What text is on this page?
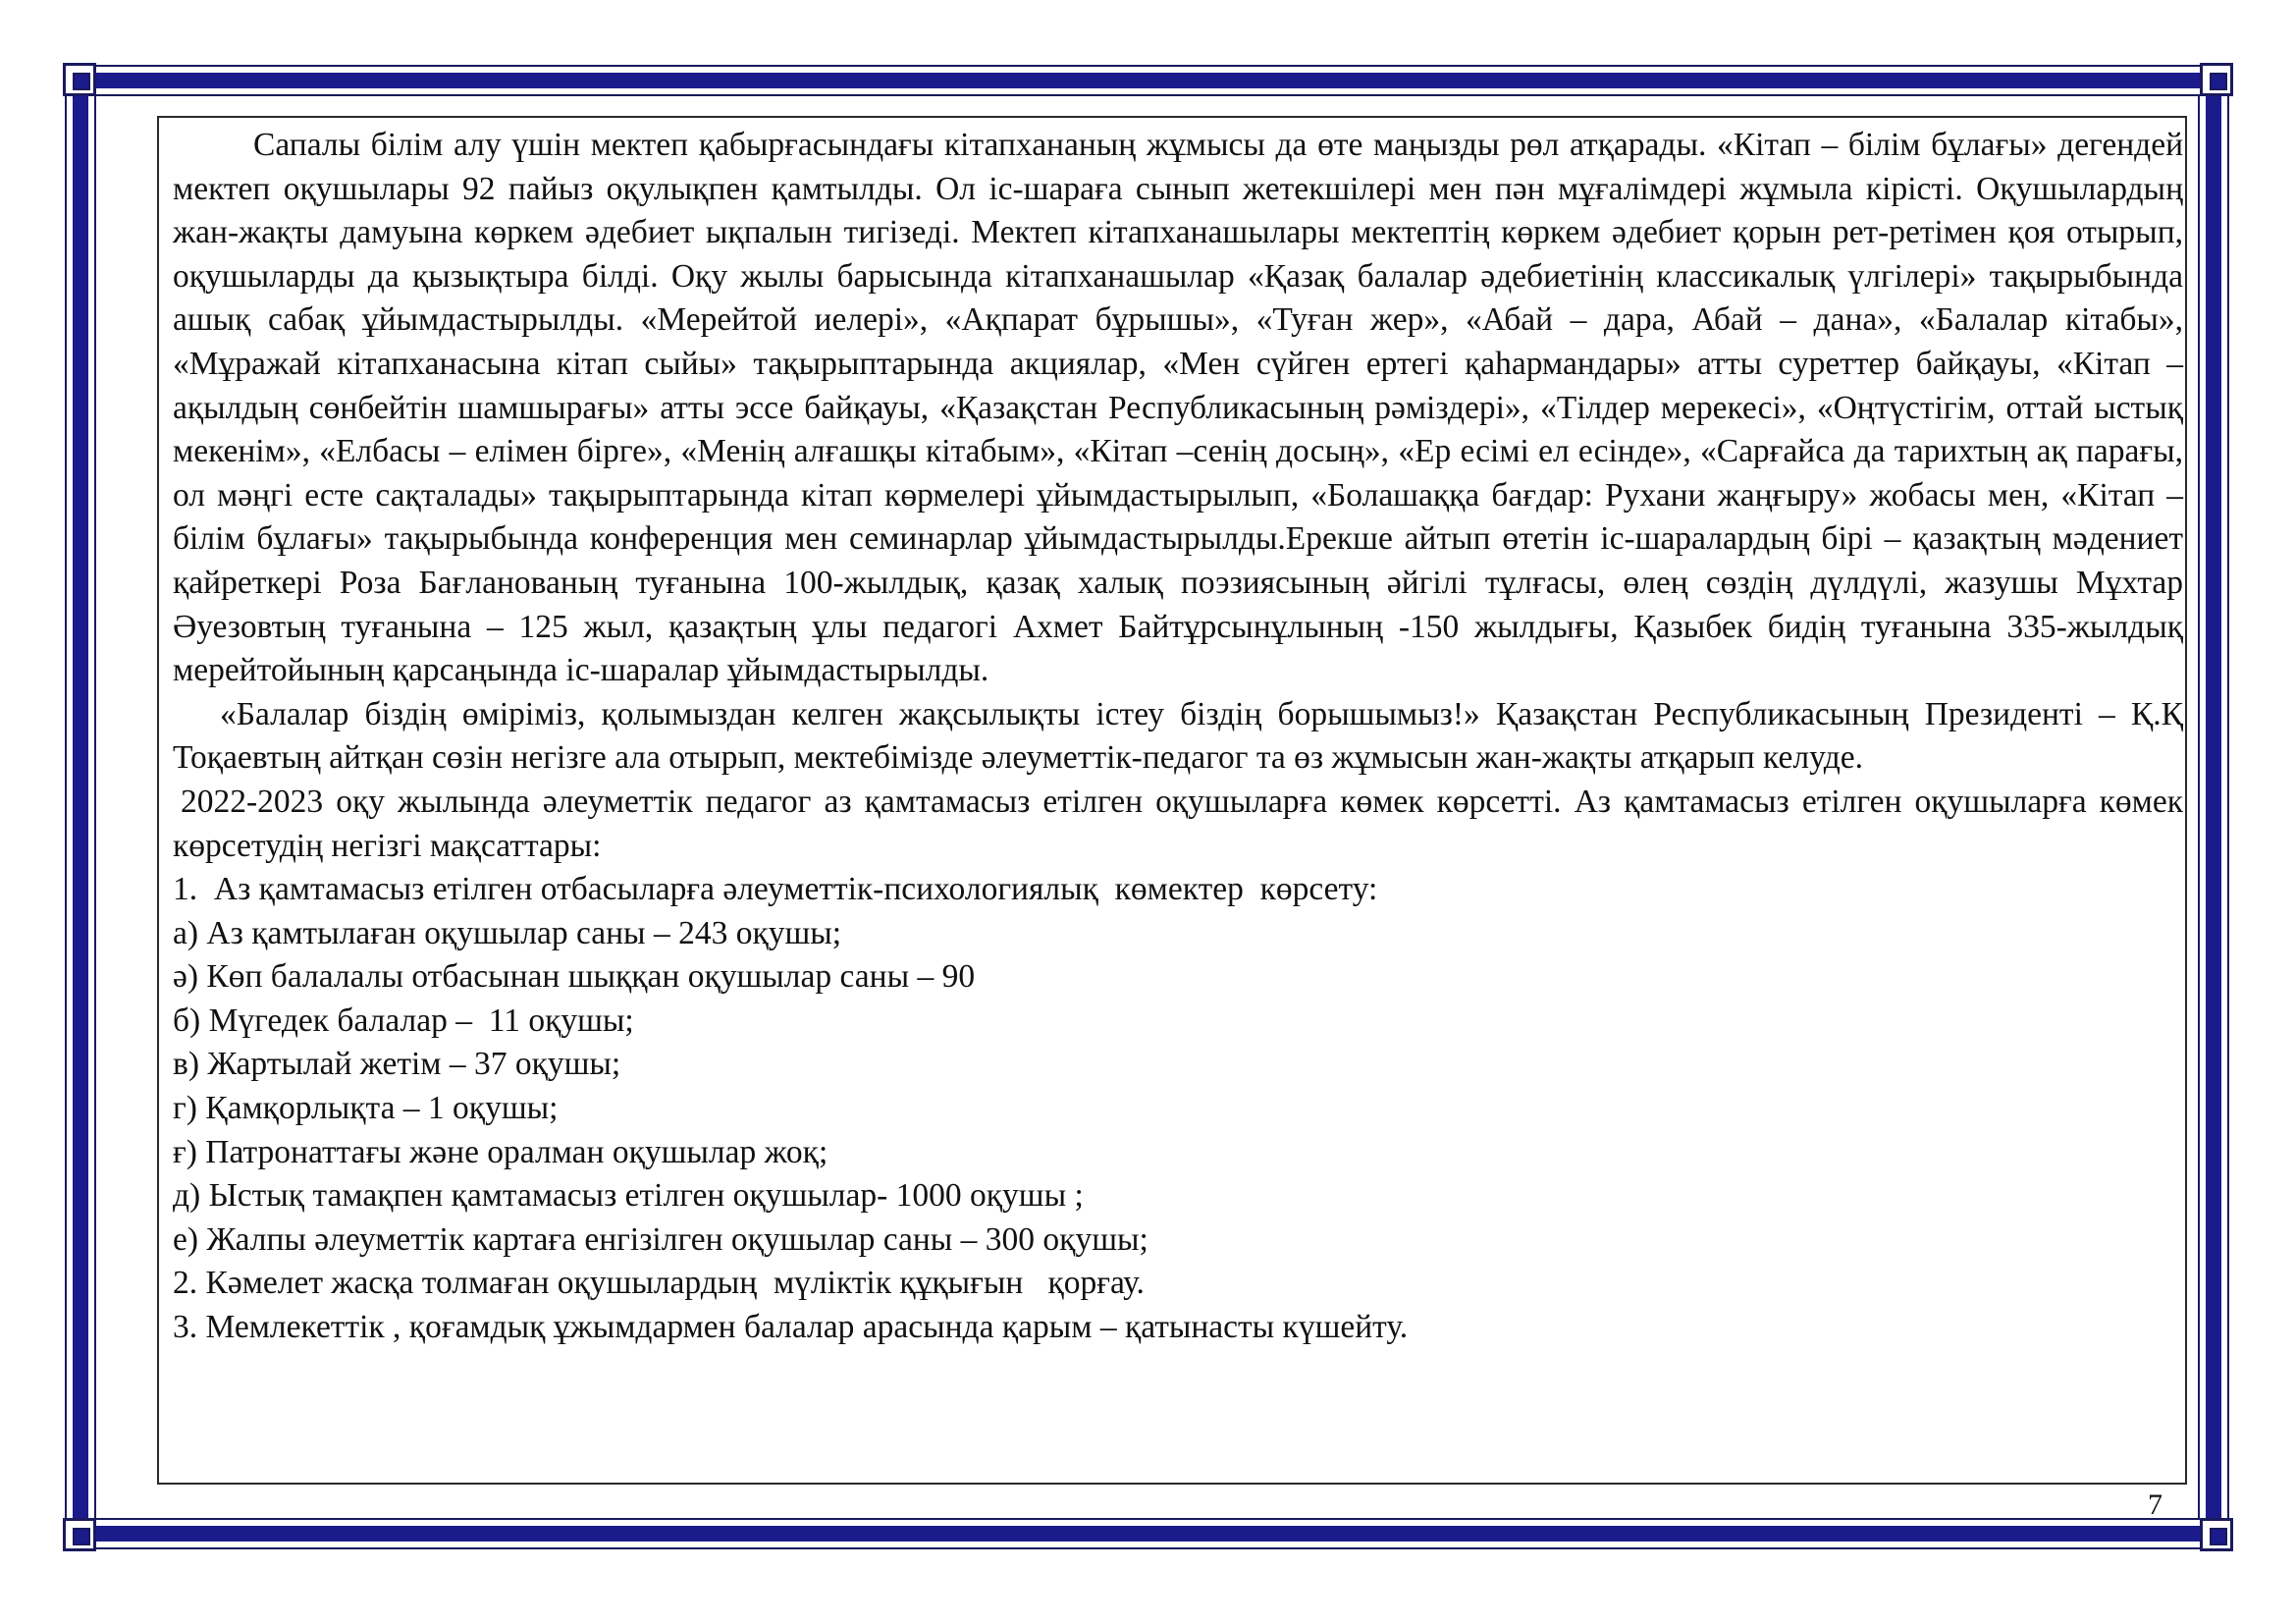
Сапалы білім алу үшін мектеп қабырғасындағы кітапхананың жұмысы да өте маңызды рөл атқарады. «Кітап – білім бұлағы» дегендей мектеп оқушылары 92 пайыз оқулықпен қамтылды. Ол іс-шараға сынып жетекшілері мен пән мұғалімдері жұмыла кірісті. Оқушылардың жан-жақты дамуына көркем әдебиет ықпалын тигізеді. Мектеп кітапханашылары мектептің көркем әдебиет қорын рет-ретімен қоя отырып, оқушыларды да қызықтыра білді. Оқу жылы барысында кітапханашылар «Қазақ балалар әдебиетінің классикалық үлгілері» тақырыбында ашық сабақ ұйымдастырылды. «Мерейтой иелері», «Ақпарат бұрышы», «Туған жер», «Абай – дара, Абай – дана», «Балалар кітабы», «Мұражай кітапханасына кітап сыйы» тақырыптарында акциялар, «Мен сүйген ертегі қаһармандары» атты суреттер байқауы, «Кітап – ақылдың сөнбейтін шамшырағы» атты эссе байқауы, «Қазақстан Республикасының рәміздері», «Тілдер мерекесі», «Оңтүстігім, оттай ыстық мекенім», «Елбасы – елімен бірге», «Менің алғашқы кітабым», «Кітап –сенің досың», «Ер есімі ел есінде», «Сарғайса да тарихтың ақ парағы, ол мәңгі есте сақталады» тақырыптарында кітап көрмелері ұйымдастырылып, «Болашаққа бағдар: Рухани жаңғыру» жобасы мен, «Кітап – білім бұлағы» тақырыбында конференция мен семинарлар ұйымдастырылды.Ерекше айтып өтетін іс-шаралардың бірі – қазақтың мәдениет қайреткері Роза Бағланованың туғанына 100-жылдық, қазақ халық поэзиясының әйгілі тұлғасы, өлең сөздің дүлдүлі, жазушы Мұхтар Әуезовтың туғанына – 125 жыл, қазақтың ұлы педагогі Ахмет Байтұрсынұлының -150 жылдығы, Қазыбек бидің туғанына 335-жылдық мерейтойының қарсаңында іс-шаралар ұйымдастырылды.

«Балалар біздің өміріміз, қолымыздан келген жақсылықты істеу біздің борышымыз!» Қазақстан Республикасының Президенті – Қ.Қ Тоқаевтың айтқан сөзін негізге ала отырып, мектебімізде әлеуметтік-педагог та өз жұмысын жан-жақты атқарып келуде.

2022-2023 оқу жылында әлеуметтік педагог аз қамтамасыз етілген оқушыларға көмек көрсетті. Аз қамтамасыз етілген оқушыларға көмек көрсетудің негізгі мақсаттары:

1.  Аз қамтамасыз етілген отбасыларға әлеуметтік-психологиялық  көмектер  көрсету:

а) Аз қамтылаған оқушылар саны – 243 оқушы;

ә) Көп балалалы отбасынан шыққан оқушылар саны – 90

б) Мүгедек балалар –  11 оқушы;

в) Жартылай жетім – 37 оқушы;

г) Қамқорлықта – 1 оқушы;

ғ) Патронаттағы және оралман оқушылар жоқ;

д) Ыстық тамақпен қамтамасыз етілген оқушылар- 1000 оқушы ;

е) Жалпы әлеуметтік картаға енгізілген оқушылар саны – 300 оқушы;

2. Кәмелет жасқа толмаған оқушылардың  мүліктік құқығын   қорғау.

3. Мемлекеттік , қоғамдық ұжымдармен балалар арасында қарым – қатынасты күшейту.

7
